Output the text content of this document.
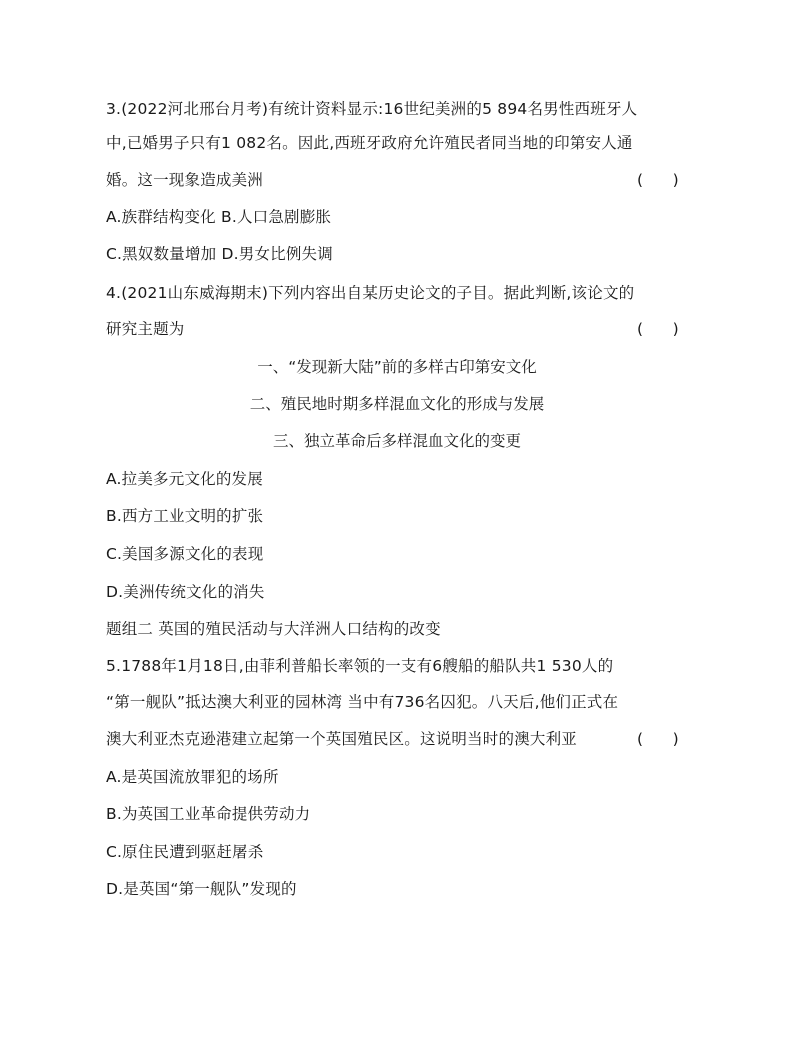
3.(2022河北邢台月考)有统计资料显示:16世纪美洲的5 894名男性西班牙人
中,已婚男子只有1 082名。因此,西班牙政府允许殖民者同当地的印第安人通
婚。这一现象造成美洲	(      )
A.族群结构变化 B.人口急剧膨胀
C.黑奴数量增加 D.男女比例失调
4.(2021山东威海期末)下列内容出自某历史论文的子目。据此判断,该论文的
研究主题为	(      )
一、“发现新大陆”前的多样古印第安文化
二、殖民地时期多样混血文化的形成与发展
三、独立革命后多样混血文化的变更
A.拉美多元文化的发展
B.西方工业文明的扩张
C.美国多源文化的表现
D.美洲传统文化的消失
题组二 英国的殖民活动与大洋洲人口结构的改变
5.1788年1月18日,由菲利普船长率领的一支有6艘船的船队共1 530人的
“第一舰队”抵达澳大利亚的园林湾 当中有736名囚犯。八天后,他们正式在
澳大利亚杰克逊港建立起第一个英国殖民区。这说明当时的澳大利亚	(      )
A.是英国流放罪犯的场所
B.为英国工业革命提供劳动力
C.原住民遭到驱赶屠杀
D.是英国“第一舰队”发现的
